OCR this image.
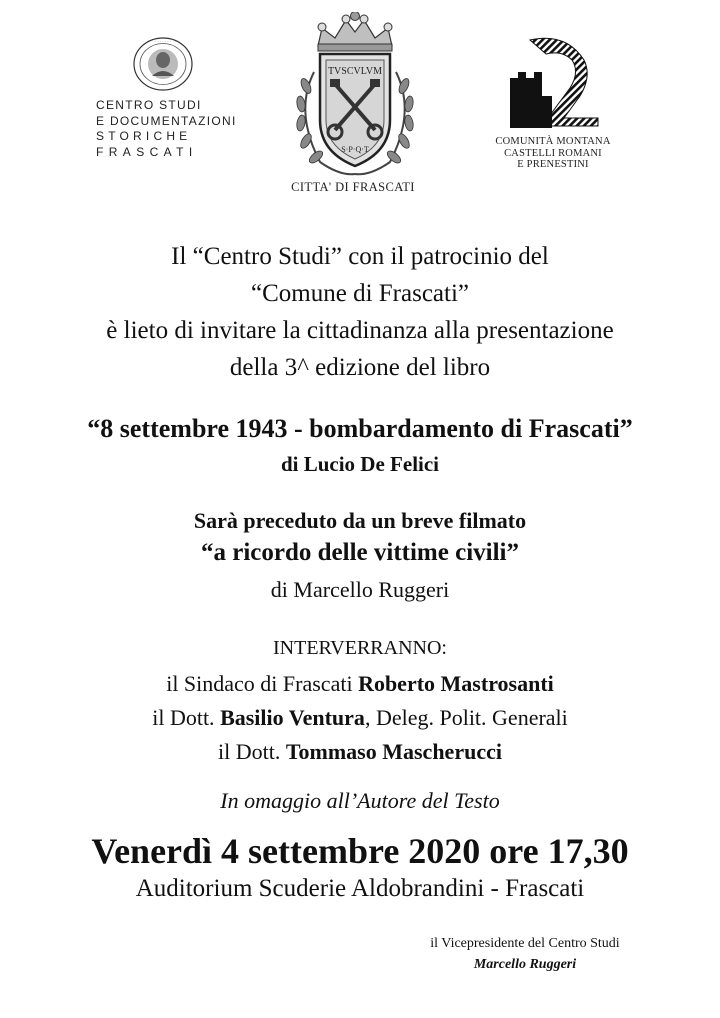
· · · · · · ·
CENTRO STUDI
E DOCUMENTAZIONI
STORICHE
FRASCATI
TVSCVLVM
S·P·Q·T
CITTA' DI FRASCATI
COMUNITÀ MONTANA
CASTELLI ROMANI
E PRENESTINI
Il “Centro Studi” con il patrocinio del
“Comune di Frascati”
è lieto di invitare la cittadinanza alla presentazione
della 3^ edizione del libro
“8 settembre 1943 - bombardamento di Frascati”
di Lucio De Felici
Sarà preceduto da un breve filmato
“a ricordo delle vittime civili”
di Marcello Ruggeri
INTERVERRANNO:
il Sindaco di Frascati Roberto Mastrosanti
il Dott. Basilio Ventura, Deleg. Polit. Generali
il Dott. Tommaso Mascherucci
In omaggio all’Autore del Testo
Venerdì 4 settembre 2020 ore 17,30
Auditorium Scuderie Aldobrandini - Frascati
il Vicepresidente del Centro Studi
Marcello Ruggeri
